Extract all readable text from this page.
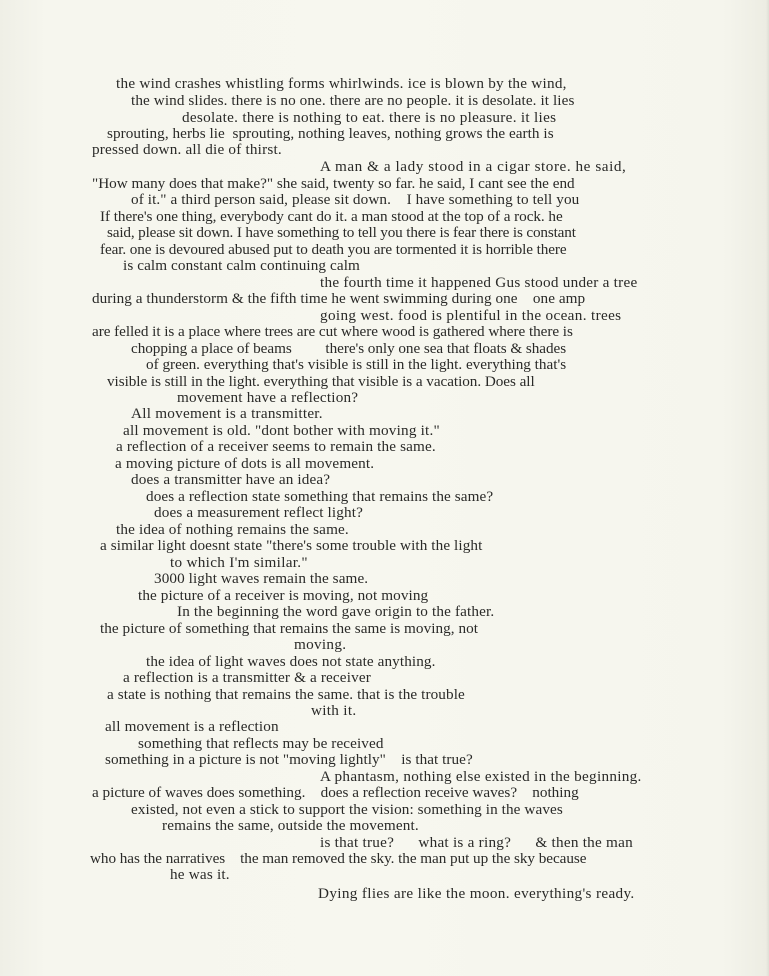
the wind crashes whistling forms whirlwinds. ice is blown by the wind,
the wind slides. there is no one. there are no people. it is desolate. it lies
desolate. there is nothing to eat. there is no pleasure. it lies
sprouting, herbs lie  sprouting, nothing leaves, nothing grows the earth is
pressed down. all die of thirst.
A man & a lady stood in a cigar store. he said,
"How many does that make?" she said, twenty so far. he said, I cant see the end
of it." a third person said, please sit down.    I have something to tell you
If there's one thing, everybody cant do it. a man stood at the top of a rock. he
said, please sit down. I have something to tell you there is fear there is constant
fear. one is devoured abused put to death you are tormented it is horrible there
is calm constant calm continuing calm
the fourth time it happened Gus stood under a tree
during a thunderstorm & the fifth time he went swimming during one    one amp
going west. food is plentiful in the ocean. trees
are felled it is a place where trees are cut where wood is gathered where there is
chopping a place of beams         there's only one sea that floats & shades
of green. everything that's visible is still in the light. everything that's
visible is still in the light. everything that visible is a vacation. Does all
movement have a reflection?
All movement is a transmitter.
all movement is old. "dont bother with moving it."
a reflection of a receiver seems to remain the same.
a moving picture of dots is all movement.
does a transmitter have an idea?
does a reflection state something that remains the same?
does a measurement reflect light?
the idea of nothing remains the same.
a similar light doesnt state "there's some trouble with the light
to which I'm similar."
3000 light waves remain the same.
the picture of a receiver is moving, not moving
In the beginning the word gave origin to the father.
the picture of something that remains the same is moving, not
moving.
the idea of light waves does not state anything.
a reflection is a transmitter & a receiver
a state is nothing that remains the same. that is the trouble
with it.
all movement is a reflection
something that reflects may be received
something in a picture is not "moving lightly"    is that true?
A phantasm, nothing else existed in the beginning.
a picture of waves does something.    does a reflection receive waves?    nothing
existed, not even a stick to support the vision: something in the waves
remains the same, outside the movement.
is that true?      what is a ring?      & then the man
who has the narratives    the man removed the sky. the man put up the sky because
he was it.
Dying flies are like the moon. everything's ready.
